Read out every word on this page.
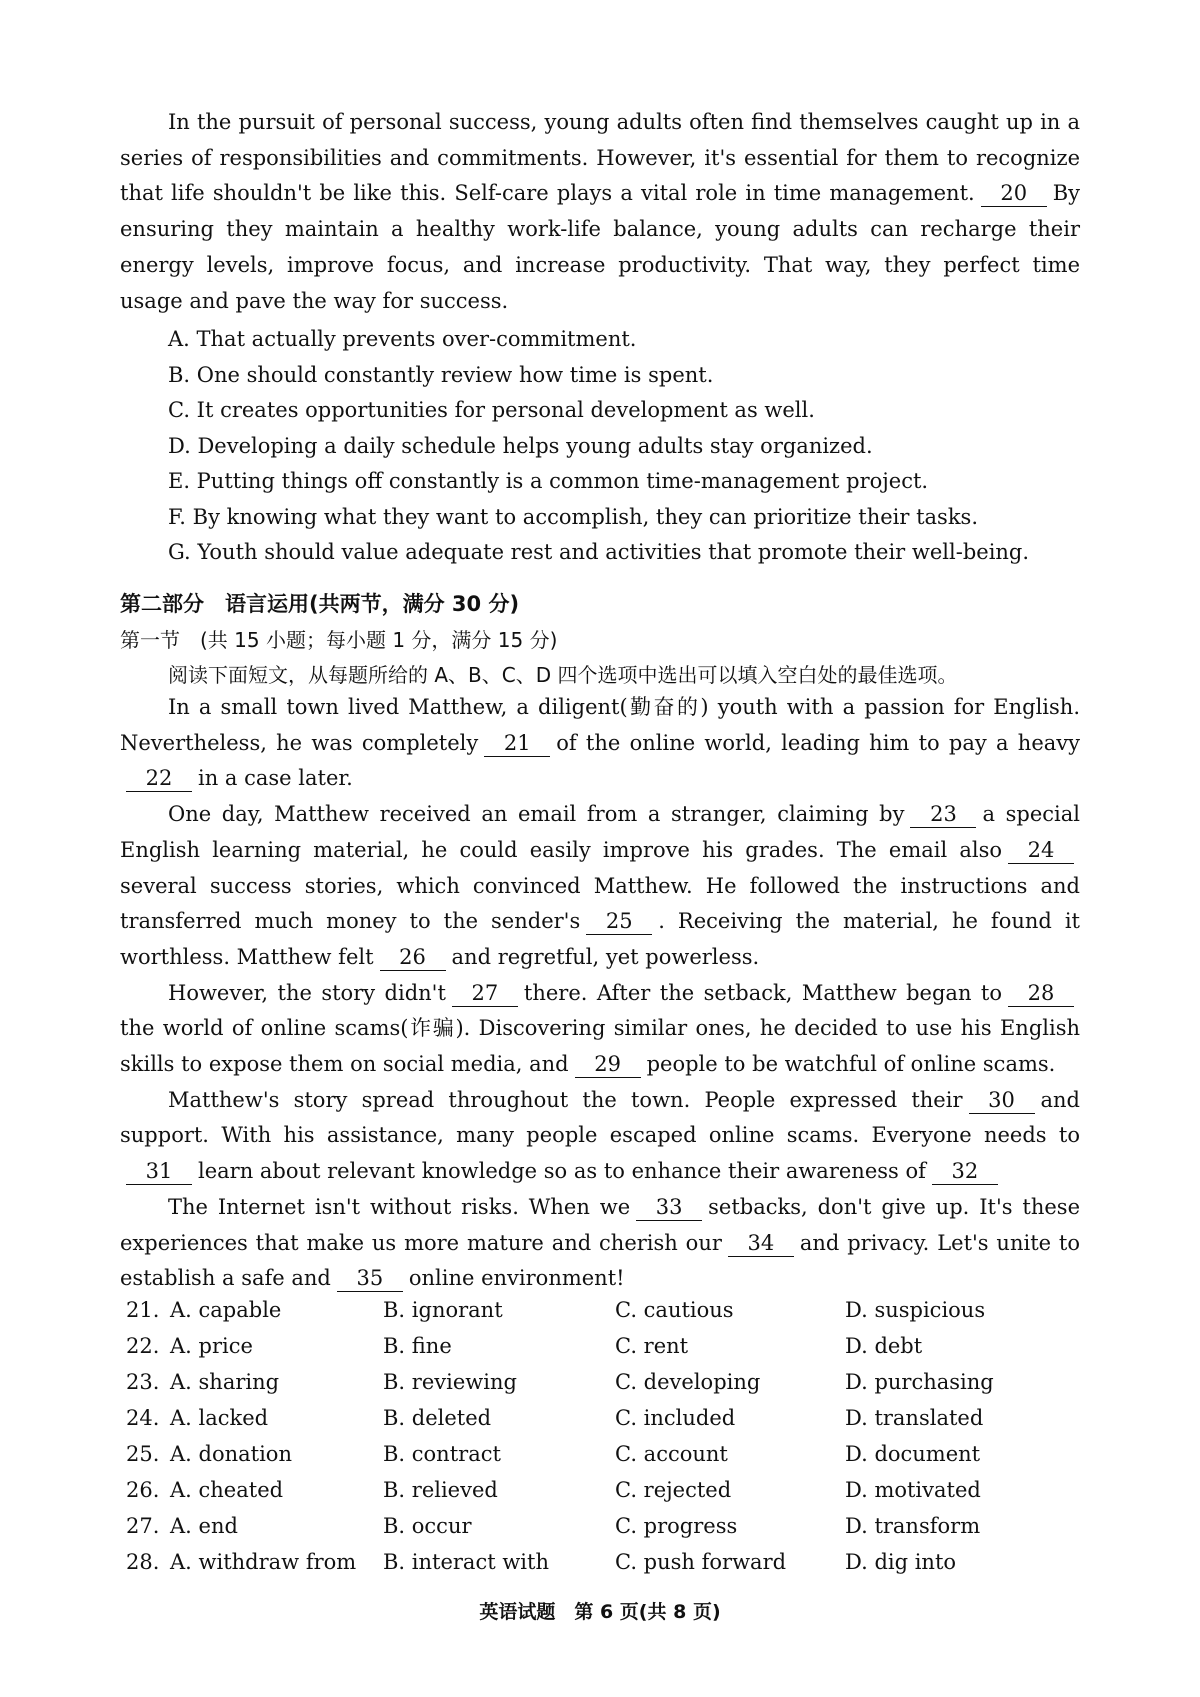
In the pursuit of personal success, young adults often find themselves caught up in a series of responsibilities and commitments. However, it's essential for them to recognize that life shouldn't be like this. Self-care plays a vital role in time management. 20 By ensuring they maintain a healthy work-life balance, young adults can recharge their energy levels, improve focus, and increase productivity. That way, they perfect time usage and pave the way for success.

A. That actually prevents over-commitment.
B. One should constantly review how time is spent.
C. It creates opportunities for personal development as well.
D. Developing a daily schedule helps young adults stay organized.
E. Putting things off constantly is a common time-management project.
F. By knowing what they want to accomplish, they can prioritize their tasks.
G. Youth should value adequate rest and activities that promote their well-being.
第二部分　语言运用(共两节，满分 30 分)
第一节　(共 15 小题；每小题 1 分，满分 15 分)
阅读下面短文，从每题所给的 A、B、C、D 四个选项中选出可以填入空白处的最佳选项。

In a small town lived Matthew, a diligent(勤奋的) youth with a passion for English. Nevertheless, he was completely 21 of the online world, leading him to pay a heavy22 in a case later.

One day, Matthew received an email from a stranger, claiming by 23 a special English learning material, he could easily improve his grades. The email also 24several success stories, which convinced Matthew. He followed the instructions and transferred much money to the sender's 25 . Receiving the material, he found it worthless. Matthew felt 26 and regretful, yet powerless.

However, the story didn't 27 there. After the setback, Matthew began to 28the world of online scams(诈骗). Discovering similar ones, he decided to use his English skills to expose them on social media, and 29 people to be watchful of online scams.

Matthew's story spread throughout the town. People expressed their 30 and support. With his assistance, many people escaped online scams. Everyone needs to31 learn about relevant knowledge so as to enhance their awareness of 32

The Internet isn't without risks. When we 33 setbacks, don't give up. It's these experiences that make us more mature and cherish our 34 and privacy. Let's unite to establish a safe and 35 online environment!

21. A. capable	B. ignorant	C. cautious	D. suspicious
22. A. price	B. fine	C. rent	D. debt
23. A. sharing	B. reviewing	C. developing	D. purchasing
24. A. lacked	B. deleted	C. included	D. translated
25. A. donation	B. contract	C. account	D. document
26. A. cheated	B. relieved	C. rejected	D. motivated
27. A. end	B. occur	C. progress	D. transform
28. A. withdraw from B. interact with	C. push forward	D. dig into
英语试题　第 6 页(共 8 页)
